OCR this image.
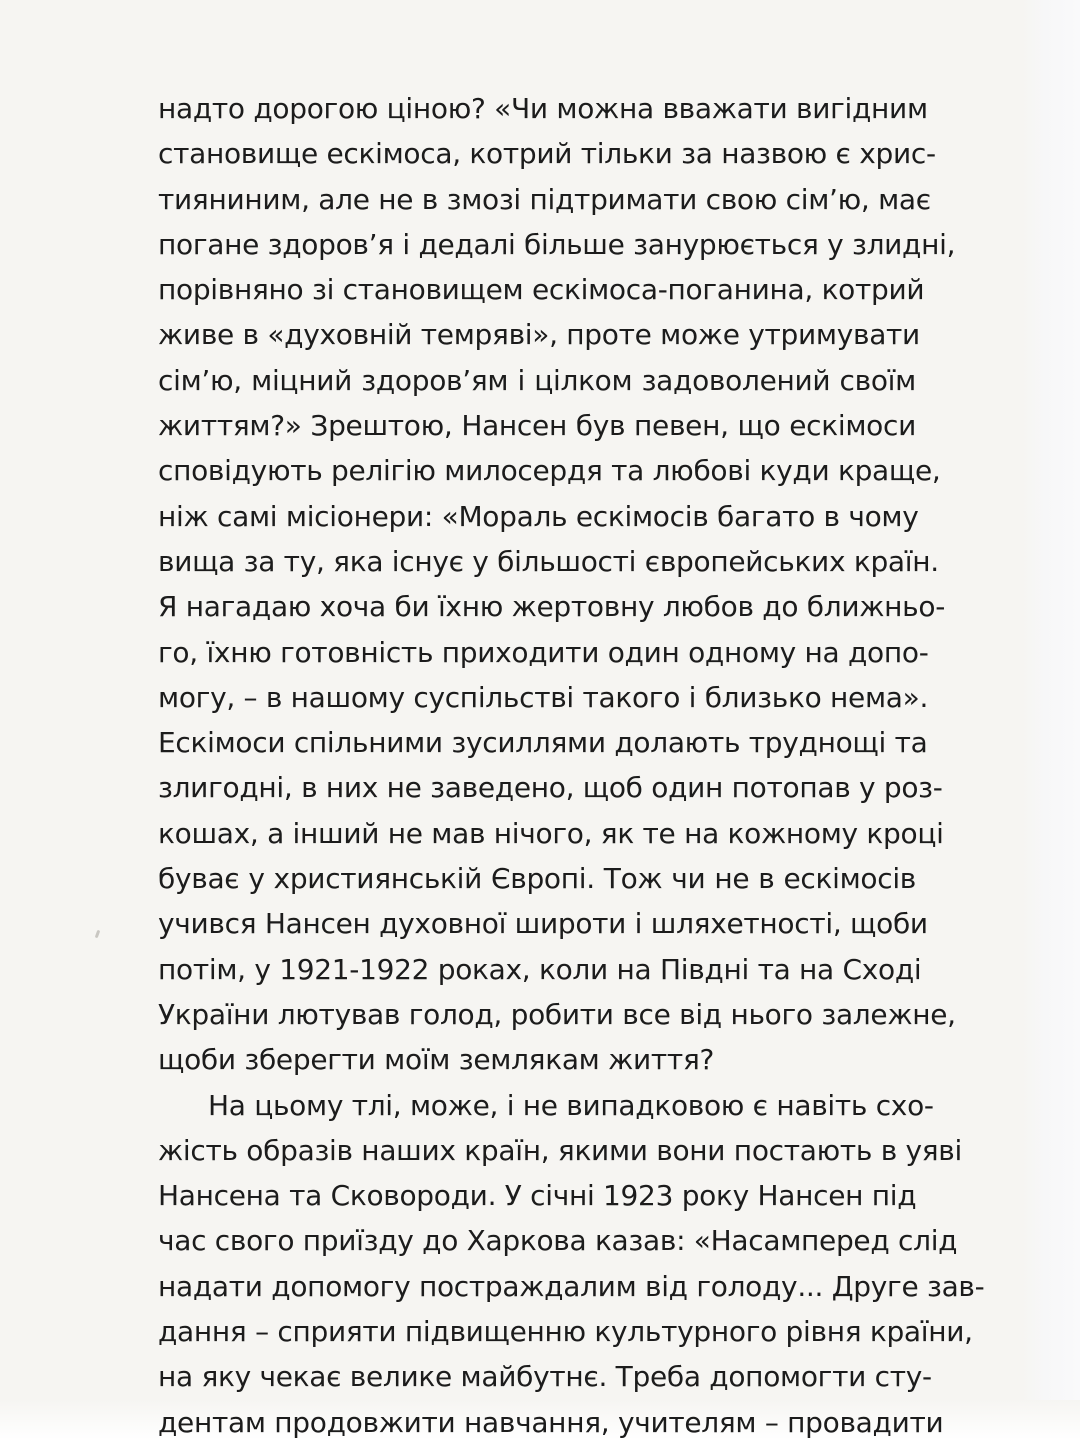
надто дорогою ціною? «Чи можна вважати вигідним
становище ескімоса, котрий тільки за назвою є хрис-
тияниним, але не в змозі підтримати свою сім’ю, має
погане здоров’я і дедалі більше занурюється у злидні,
порівняно зі становищем ескімоса-поганина, котрий
живе в «духовній темряві», проте може утримувати
сім’ю, міцний здоров’ям і цілком задоволений своїм
життям?» Зрештою, Нансен був певен, що ескімоси
сповідують релігію милосердя та любові куди краще,
ніж самі місіонери: «Мораль ескімосів багато в чому
вища за ту, яка існує у більшості європейських країн.
Я нагадаю хоча би їхню жертовну любов до ближньо-
го, їхню готовність приходити один одному на допо-
могу, – в нашому суспільстві такого і близько нема».
Ескімоси спільними зусиллями долають труднощі та
злигодні, в них не заведено, щоб один потопав у роз-
кошах, а інший не мав нічого, як те на кожному кроці
буває у християнській Європі. Тож чи не в ескімосів
учився Нансен духовної широти і шляхетності, щоби
потім, у 1921-1922 роках, коли на Півдні та на Сході
України лютував голод, робити все від нього залежне,
щоби зберегти моїм землякам життя?
На цьому тлі, може, і не випадковою є навіть схо-
жість образів наших країн, якими вони постають в уяві
Нансена та Сковороди. У січні 1923 року Нансен під
час свого приїзду до Харкова казав: «Насамперед слід
надати допомогу постраждалим від голоду... Друге зав-
дання – сприяти підвищенню культурного рівня країни,
на яку чекає велике майбутнє. Треба допомогти сту-
дентам продовжити навчання, учителям – провадити
